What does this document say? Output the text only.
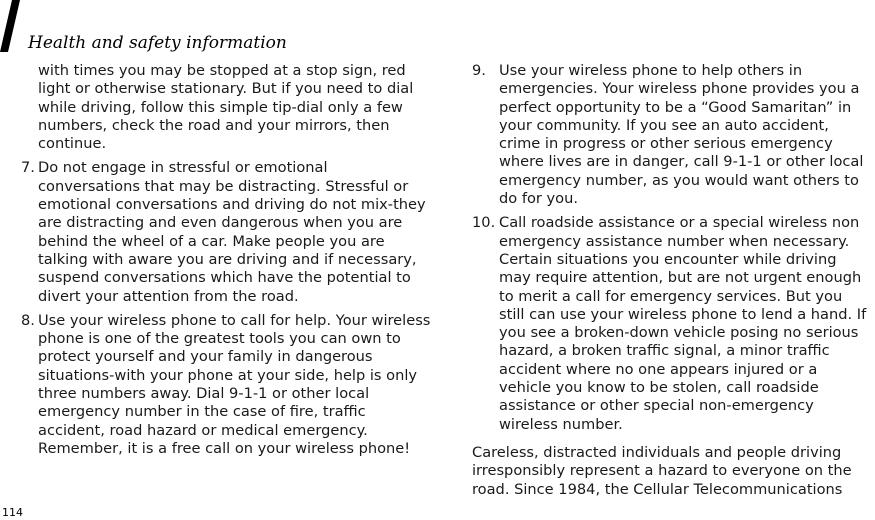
Health and safety information

with times you may be stopped at a stop sign, red light or otherwise stationary. But if you need to dial while driving, follow this simple tip-dial only a few numbers, check the road and your mirrors, then continue.

7. Do not engage in stressful or emotional conversations that may be distracting. Stressful or emotional conversations and driving do not mix-they are distracting and even dangerous when you are behind the wheel of a car. Make people you are talking with aware you are driving and if necessary, suspend conversations which have the potential to divert your attention from the road.

8. Use your wireless phone to call for help. Your wireless phone is one of the greatest tools you can own to protect yourself and your family in dangerous situations-with your phone at your side, help is only three numbers away. Dial 9-1-1 or other local emergency number in the case of fire, traffic accident, road hazard or medical emergency. Remember, it is a free call on your wireless phone!

9. Use your wireless phone to help others in emergencies. Your wireless phone provides you a perfect opportunity to be a “Good Samaritan” in your community. If you see an auto accident, crime in progress or other serious emergency where lives are in danger, call 9-1-1 or other local emergency number, as you would want others to do for you.

10. Call roadside assistance or a special wireless non emergency assistance number when necessary. Certain situations you encounter while driving may require attention, but are not urgent enough to merit a call for emergency services. But you still can use your wireless phone to lend a hand. If you see a broken-down vehicle posing no serious hazard, a broken traffic signal, a minor traffic accident where no one appears injured or a vehicle you know to be stolen, call roadside assistance or other special non-emergency wireless number.

Careless, distracted individuals and people driving irresponsibly represent a hazard to everyone on the road. Since 1984, the Cellular Telecommunications

114
